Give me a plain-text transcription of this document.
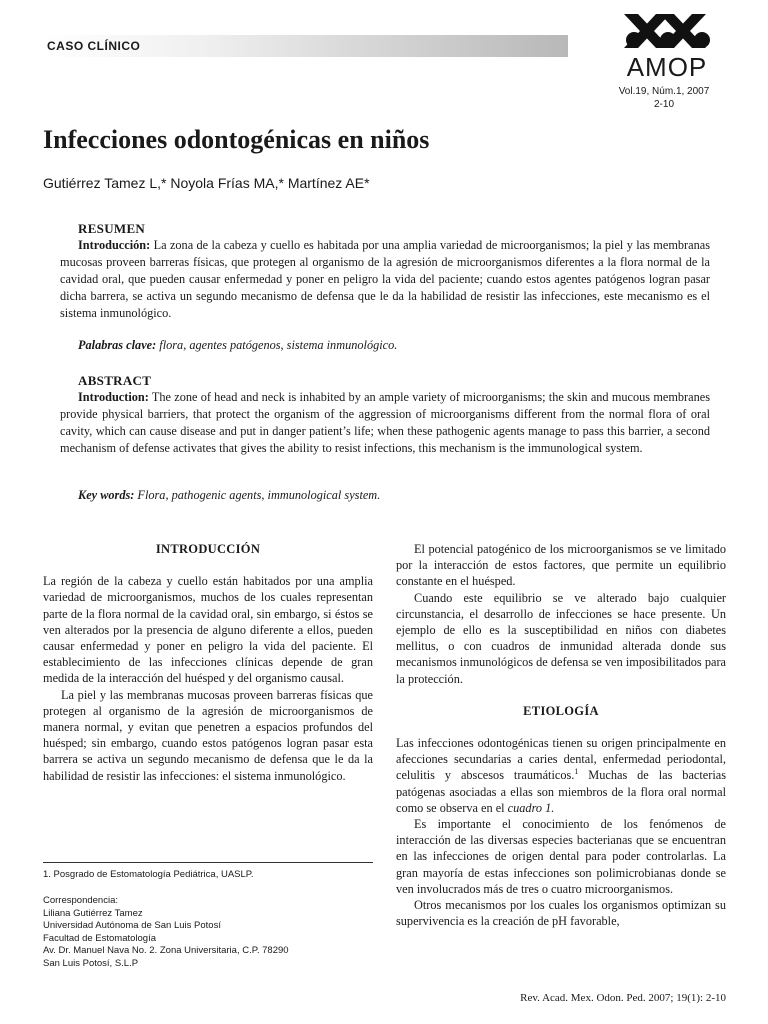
CASO CLÍNICO
AMOP
Vol.19, Núm.1, 2007
2-10
Infecciones odontogénicas en niños
Gutiérrez Tamez L,* Noyola Frías MA,* Martínez AE*
RESUMEN

Introducción: La zona de la cabeza y cuello es habitada por una amplia variedad de microorganismos; la piel y las membranas mucosas proveen barreras físicas, que protegen al organismo de la agresión de microorganismos diferentes a la flora normal de la cavidad oral, que pueden causar enfermedad y poner en peligro la vida del paciente; cuando estos agentes patógenos logran pasar dicha barrera, se activa un segundo mecanismo de defensa que le da la habilidad de resistir las infecciones, este mecanismo es el sistema inmunológico.

Palabras clave: flora, agentes patógenos, sistema inmunológico.
ABSTRACT

Introduction: The zone of head and neck is inhabited by an ample variety of microorganisms; the skin and mucous membranes provide physical barriers, that protect the organism of the aggression of microorganisms different from the normal flora of oral cavity, which can cause disease and put in danger patient’s life; when these pathogenic agents manage to pass this barrier, a second mechanism of defense activates that gives the ability to resist infections, this mechanism is the immunological system.

Key words: Flora, pathogenic agents, immunological system.
INTRODUCCIÓN

La región de la cabeza y cuello están habitados por una amplia variedad de microorganismos, muchos de los cuales representan parte de la flora normal de la cavidad oral, sin embargo, si éstos se ven alterados por la presencia de alguno diferente a ellos, pueden causar enfermedad y poner en peligro la vida del paciente. El establecimiento de las infecciones clínicas depende de gran medida de la interacción del huésped y del organismo causal.

La piel y las membranas mucosas proveen barreras físicas que protegen al organismo de la agresión de microorganismos de manera normal, y evitan que penetren a espacios profundos del huésped; sin embargo, cuando estos patógenos logran pasar esta barrera se activa un segundo mecanismo de defensa que le da la habilidad de resistir las infecciones: el sistema inmunológico.

El potencial patogénico de los microorganismos se ve limitado por la interacción de estos factores, que permite un equilibrio constante en el huésped.

Cuando este equilibrio se ve alterado bajo cualquier circunstancia, el desarrollo de infecciones se hace presente. Un ejemplo de ello es la susceptibilidad en niños con diabetes mellitus, o con cuadros de inmunidad alterada donde sus mecanismos inmunológicos de defensa se ven imposibilitados para la protección.

ETIOLOGÍA

Las infecciones odontogénicas tienen su origen principalmente en afecciones secundarias a caries dental, enfermedad periodontal, celulitis y abscesos traumáticos.$^1$ Muchas de las bacterias patógenas asociadas a ellas son miembros de la flora oral normal como se observa en el cuadro 1.

Es importante el conocimiento de los fenómenos de interacción de las diversas especies bacterianas que se encuentran en las infecciones de origen dental para poder controlarlas. La gran mayoría de estas infecciones son polimicrobianas donde se ven involucrados más de tres o cuatro microorganismos.

Otros mecanismos por los cuales los organismos optimizan su supervivencia es la creación de pH favorable,

1. Posgrado de Estomatología Pediátrica, UASLP.
Correspondencia:
Liliana Gutiérrez Tamez
Universidad Autónoma de San Luis Potosí
Facultad de Estomatología
Av. Dr. Manuel Nava No. 2. Zona Universitaria, C.P. 78290
San Luis Potosí, S.L.P
Rev. Acad. Mex. Odon. Ped. 2007; 19(1): 2-10
